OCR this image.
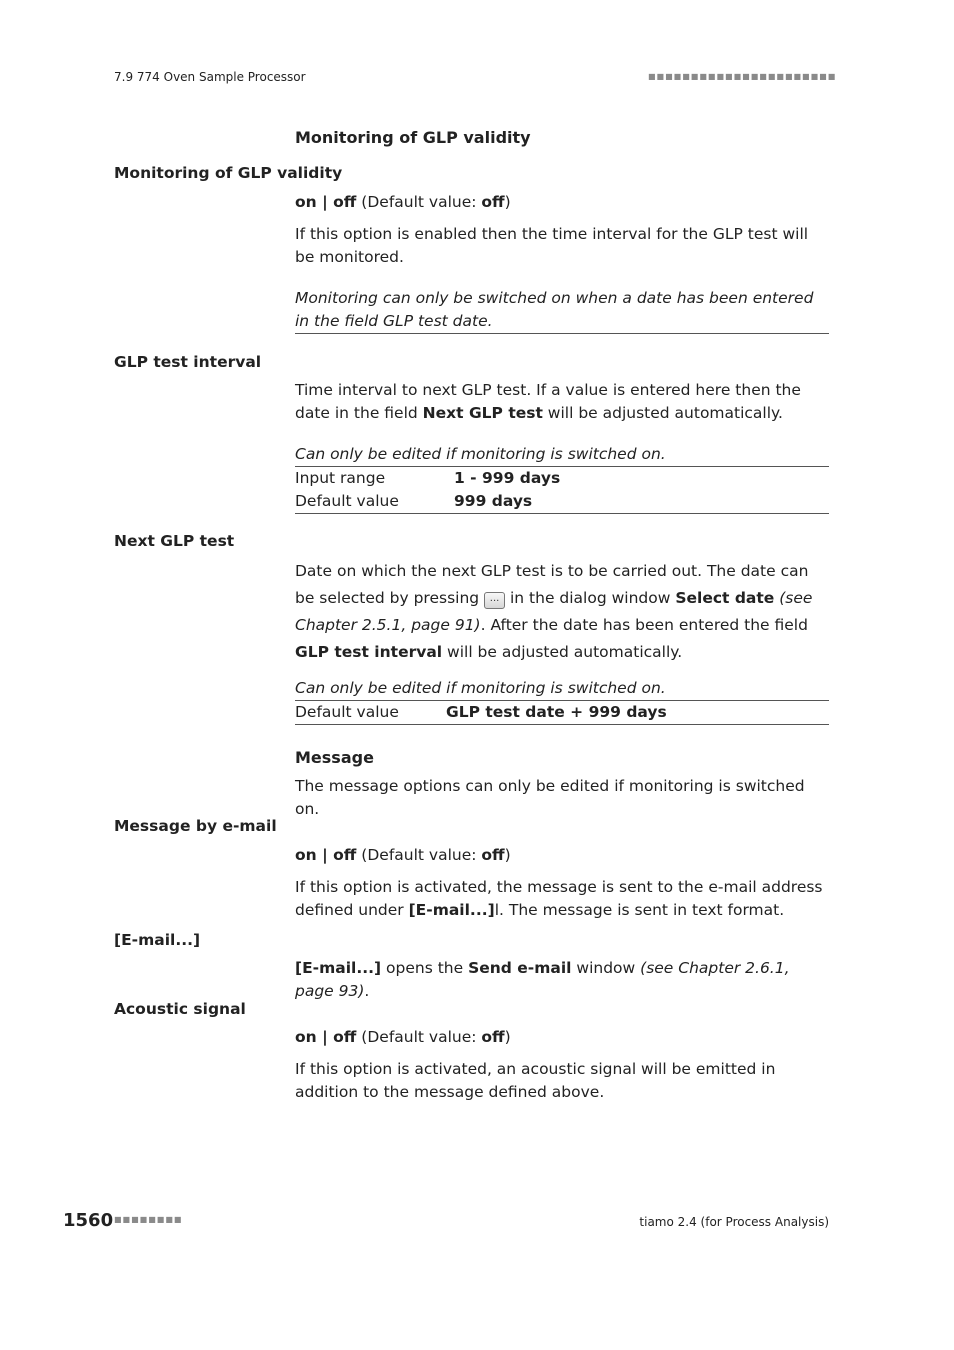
7.9 774 Oven Sample Processor	■■■■■■■■■■■■■■■■■■■■■■
Monitoring of GLP validity
Monitoring of GLP validity
on | off (Default value: off)
If this option is enabled then the time interval for the GLP test will be monitored.
Monitoring can only be switched on when a date has been entered in the field GLP test date.
GLP test interval
Time interval to next GLP test. If a value is entered here then the date in the field Next GLP test will be adjusted automatically.
Can only be edited if monitoring is switched on.
Input range	1 - 999 days
Default value	999 days
Next GLP test
Date on which the next GLP test is to be carried out. The date can be selected by pressing ... in the dialog window Select date (see Chapter 2.5.1, page 91). After the date has been entered the field GLP test interval will be adjusted automatically.
Can only be edited if monitoring is switched on.
Default value	GLP test date + 999 days
Message
The message options can only be edited if monitoring is switched on.
Message by e-mail
on | off (Default value: off)
If this option is activated, the message is sent to the e-mail address defined under [E-mail...]l. The message is sent in text format.
[E-mail...]
[E-mail...] opens the Send e-mail window (see Chapter 2.6.1, page 93).
Acoustic signal
on | off (Default value: off)
If this option is activated, an acoustic signal will be emitted in addition to the message defined above.
1560 ■■■■■■■■	tiamo 2.4 (for Process Analysis)
